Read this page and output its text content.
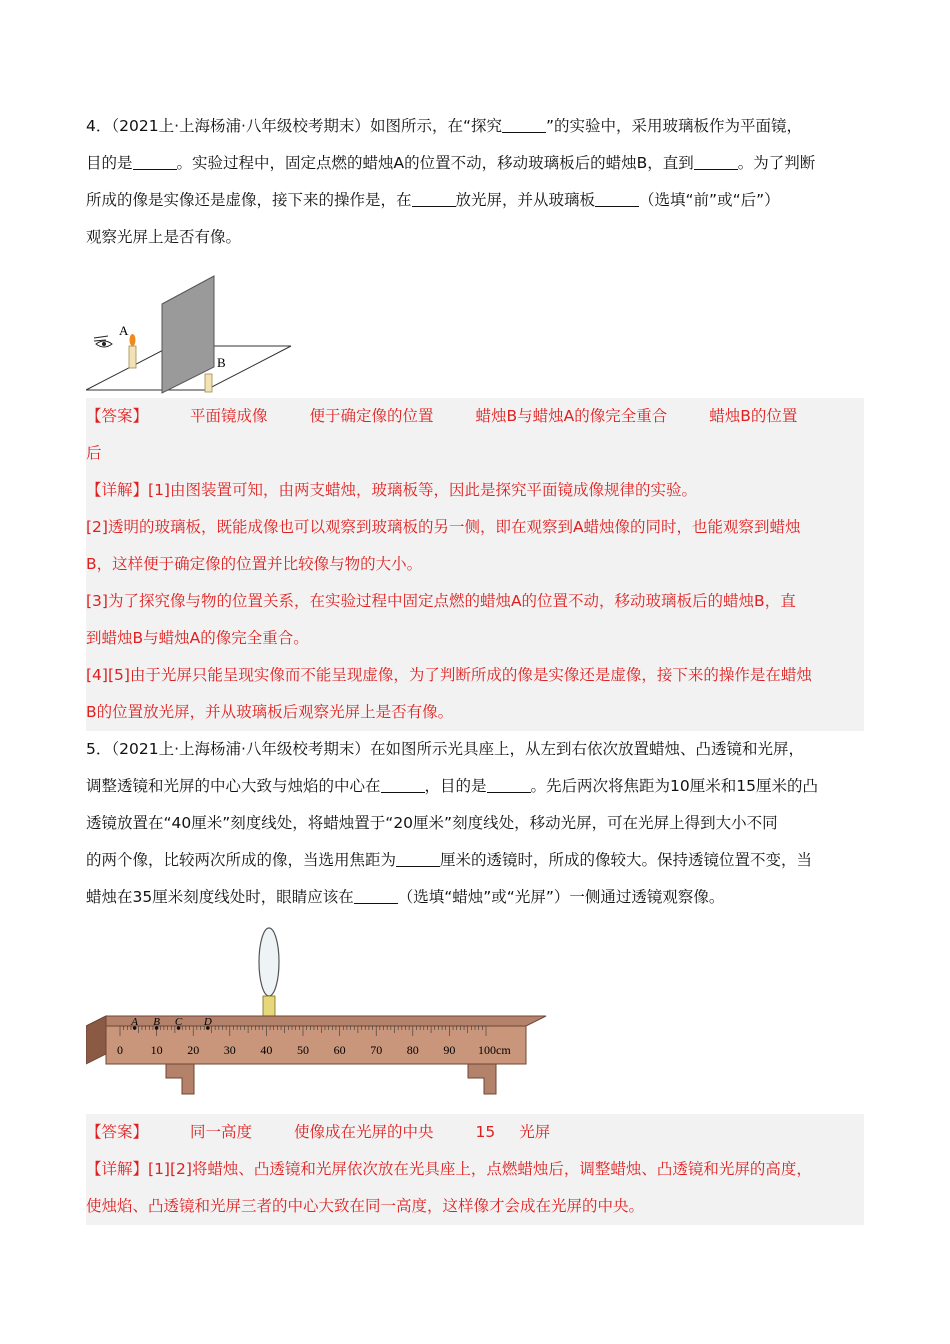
4．（2021上·上海杨浦·八年级校考期末）如图所示，在“探究	”的实验中，采用玻璃板作为平面镜，

目的是	。实验过程中，固定点燃的蜡烛A的位置不动，移动玻璃板后的蜡烛B，直到	。为了判断

所成的像是实像还是虚像，接下来的操作是，在	放光屏，并从玻璃板	（选填“前”或“后”）

观察光屏上是否有像。

A
B

【答案】	平面镜成像	便于确定像的位置	蜡烛B与蜡烛A的像完全重合	蜡烛B的位置

后

【详解】[1]由图装置可知，由两支蜡烛，玻璃板等，因此是探究平面镜成像规律的实验。

[2]透明的玻璃板，既能成像也可以观察到玻璃板的另一侧，即在观察到A蜡烛像的同时，也能观察到蜡烛

B，这样便于确定像的位置并比较像与物的大小。

[3]为了探究像与物的位置关系，在实验过程中固定点燃的蜡烛A的位置不动，移动玻璃板后的蜡烛B，直

到蜡烛B与蜡烛A的像完全重合。

[4][5]由于光屏只能呈现实像而不能呈现虚像，为了判断所成的像是实像还是虚像，接下来的操作是在蜡烛

B的位置放光屏，并从玻璃板后观察光屏上是否有像。

5．（2021上·上海杨浦·八年级校考期末）在如图所示光具座上，从左到右依次放置蜡烛、凸透镜和光屏，

调整透镜和光屏的中心大致与烛焰的中心在	，目的是	。先后两次将焦距为10厘米和15厘米的凸

透镜放置在“40厘米”刻度线处，将蜡烛置于“20厘米”刻度线处，移动光屏，可在光屏上得到大小不同

的两个像，比较两次所成的像，当选用焦距为	厘米的透镜时，所成的像较大。保持透镜位置不变，当

蜡烛在35厘米刻度线处时，眼睛应该在	（选填“蜡烛”或“光屏”）一侧通过透镜观察像。

0 10 20 30 40 50 60 70 80 90 100cm
A B C D

【答案】	同一高度	使像成在光屏的中央	15 光屏

【详解】[1][2]将蜡烛、凸透镜和光屏依次放在光具座上，点燃蜡烛后，调整蜡烛、凸透镜和光屏的高度，

使烛焰、凸透镜和光屏三者的中心大致在同一高度，这样像才会成在光屏的中央。
